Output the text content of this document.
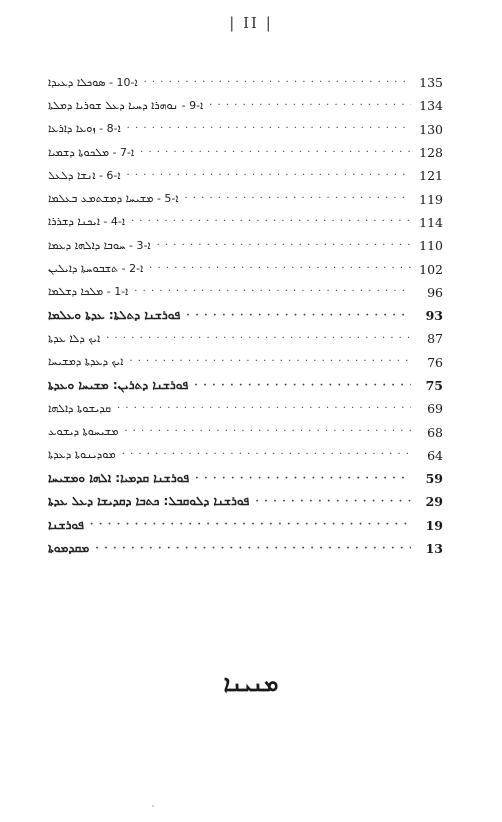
| II |
ܐ-10 - ܣܘܟܠܐ ܕܥܝܕܐ · · ·	135
ܐ-9 - ܢܘܗܪܐ ܕܚܝܐ ܕܥܠ ܫܘܪܝܐ ܕܡܠܬܐ · · ·	134
ܐ-8 - ܙܘܥܐ ܕܐܪܥܐ · · ·	130
ܐ-7 - ܡܠܟܘܬܐ ܕܫܡܝܐ · · ·	128
ܐ-6 - ܐܢܫܐ ܕܠܥܠ · · ·	121
ܐ-5 - ܡܫܝܚܐ ܕܡܫܬܡܥ ܒܥܠܡܐ · · ·	119
ܐ-4 - ܐܝܟܢܐ ܕܫܪܪܐ · · ·	114
ܐ-3 - ܚܘܒܐ ܕܐܠܗܐ ܕܥܡܐ · · ·	110
ܐ-2 - ܬܫܒܘܚܬܐ ܕܐܝܠܝܢ · · ·	102
ܐ-1 - ܡܠܟܐ ܕܫܠܡܐ · · ·	96
ܦܘܪܫܢܐ ܕܬܠܬܐ: ܥܕܬܐ ܘܥܠܡܐ · · ·	93
ܐܝܟ ܕܠܐ ܥܕܬܐ · · ·	87
ܐܝܟ ܕܥܕܬܐ ܕܡܫܝܚܐ · · ·	76
ܦܘܪܫܢܐ ܕܬܪܝܢ: ܡܫܝܚܐ ܘܥܕܬܐ · · ·	75
ܩܕܝܫܘܬܐ ܕܐܠܗܐ · · ·	69
ܡܫܝܚܘܬܐ ܕܝܫܘܥ · · ·	68
ܡܘܕܝܢܘܬܐ ܕܥܕܬܐ · · ·	64
ܦܘܪܫܢܐ ܩܕܡܝܐ: ܐܠܗܐ ܘܡܫܝܚܐ · · ·	59
ܦܘܪܫܢܐ ܕܠܘܩܒܠ: ܟܬܒܐ ܕܩܕܝܫܐ ܕܥܠ ܥܕܬܐ · · ·	29
ܦܘܪܫܢܐ · · ·	19
ܡܩܕܡܘܬܐ · · ·	13
ܡܢܝܢܐ
